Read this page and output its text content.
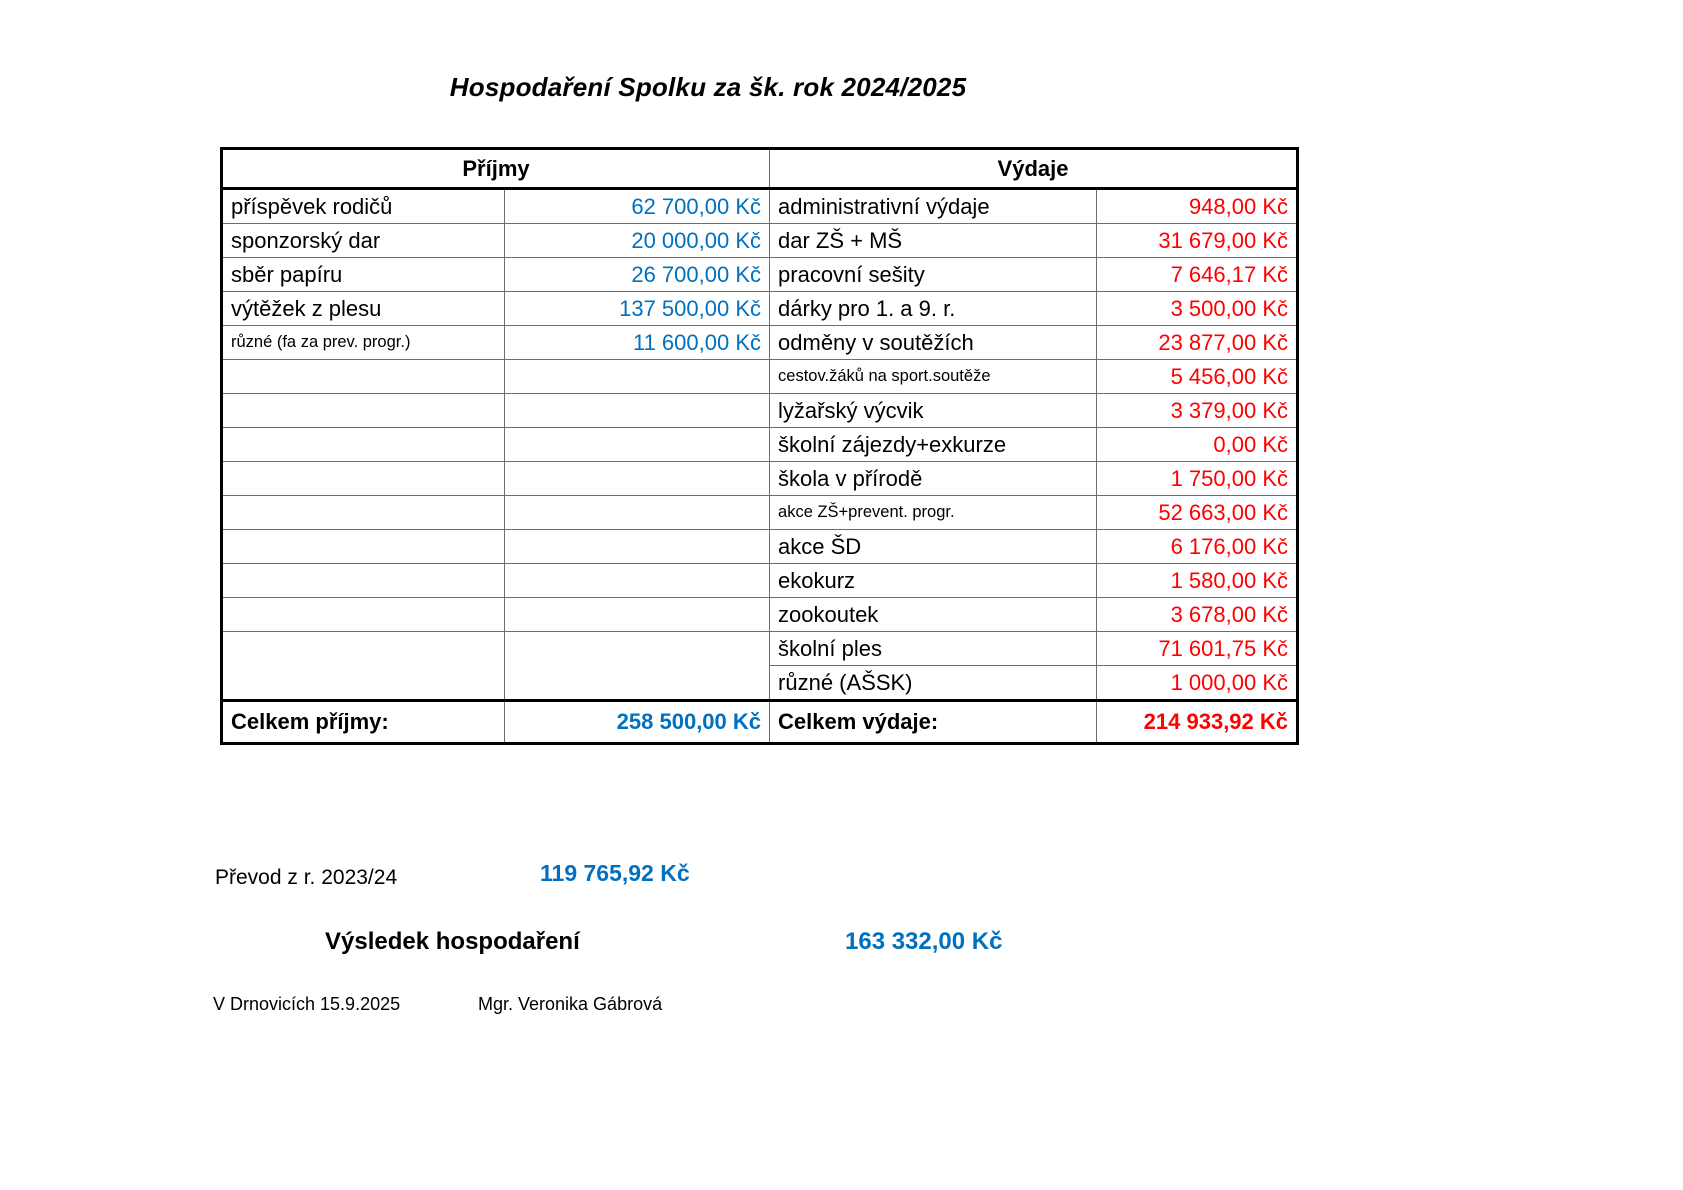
Hospodaření Spolku za šk. rok 2024/2025
Příjmy		Výdaje	
příspěvek rodičů	62 700,00 Kč	administrativní výdaje	948,00 Kč
sponzorský dar	20 000,00 Kč	dar ZŠ + MŠ	31 679,00 Kč
sběr papíru	26 700,00 Kč	pracovní sešity	7 646,17 Kč
výtěžek z plesu	137 500,00 Kč	dárky pro 1. a 9. r.	3 500,00 Kč
různé (fa za prev. progr.)	11 600,00 Kč	odměny v soutěžích	23 877,00 Kč
		cestov.žáků na sport.soutěže	5 456,00 Kč
		lyžařský výcvik	3 379,00 Kč
		školní zájezdy+exkurze	0,00 Kč
		škola v přírodě	1 750,00 Kč
		akce ZŠ+prevent. progr.	52 663,00 Kč
		akce ŠD	6 176,00 Kč
		ekokurz	1 580,00 Kč
		zookoutek	3 678,00 Kč
		školní ples	71 601,75 Kč
		různé (AŠSK)	1 000,00 Kč
Celkem příjmy:	258 500,00 Kč	Celkem výdaje:	214 933,92 Kč
Převod z r. 2023/24	119 765,92 Kč
Výsledek hospodaření	163 332,00 Kč
V Drnovicích 15.9.2025	Mgr. Veronika Gábrová
